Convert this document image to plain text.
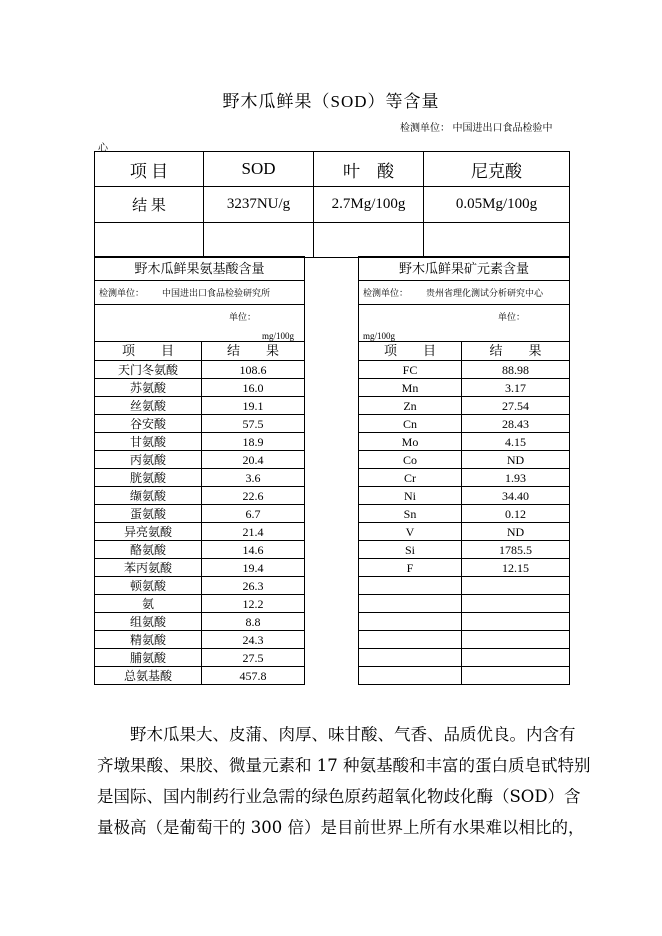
野木瓜鲜果（SOD）等含量
检测单位： 中国进出口食品检验中
心
项 目	SOD	叶　酸	尼克酸
结 果	3237NU/g	2.7Mg/100g	0.05Mg/100g

野木瓜鲜果氨基酸含量	
检测单位： 中国进出口食品检验研究所	

单位：
mg/100g	

项　　目	结　　果
天门冬氨酸	108.6
苏氨酸	16.0
丝氨酸	19.1
谷安酸	57.5
甘氨酸	18.9
丙氨酸	20.4
胱氨酸	3.6
缬氨酸	22.6
蛋氨酸	6.7
异亮氨酸	21.4
酪氨酸	14.6
苯丙氨酸	19.4
顿氨酸	26.3
氨	12.2
组氨酸	8.8
精氨酸	24.3
脯氨酸	27.5
总氨基酸	457.8
野木瓜鲜果矿元素含量	
检测单位： 贵州省理化测试分析研究中心	

单位：
mg/100g	

项　　目	结　　果
FC	88.98
Mn	3.17
Zn	27.54
Cn	28.43
Mo	4.15
Co	ND
Cr	1.93
Ni	34.40
Sn	0.12
V	ND
Si	1785.5
F	12.15

野木瓜果大、皮蒲、肉厚、味甘酸、气香、品质优良。内含有

齐墩果酸、果胶、微量元素和 17 种氨基酸和丰富的蛋白质皂甙特别

是国际、国内制药行业急需的绿色原药超氧化物歧化酶（SOD）含

量极高（是葡萄干的 300 倍）是目前世界上所有水果难以相比的，
